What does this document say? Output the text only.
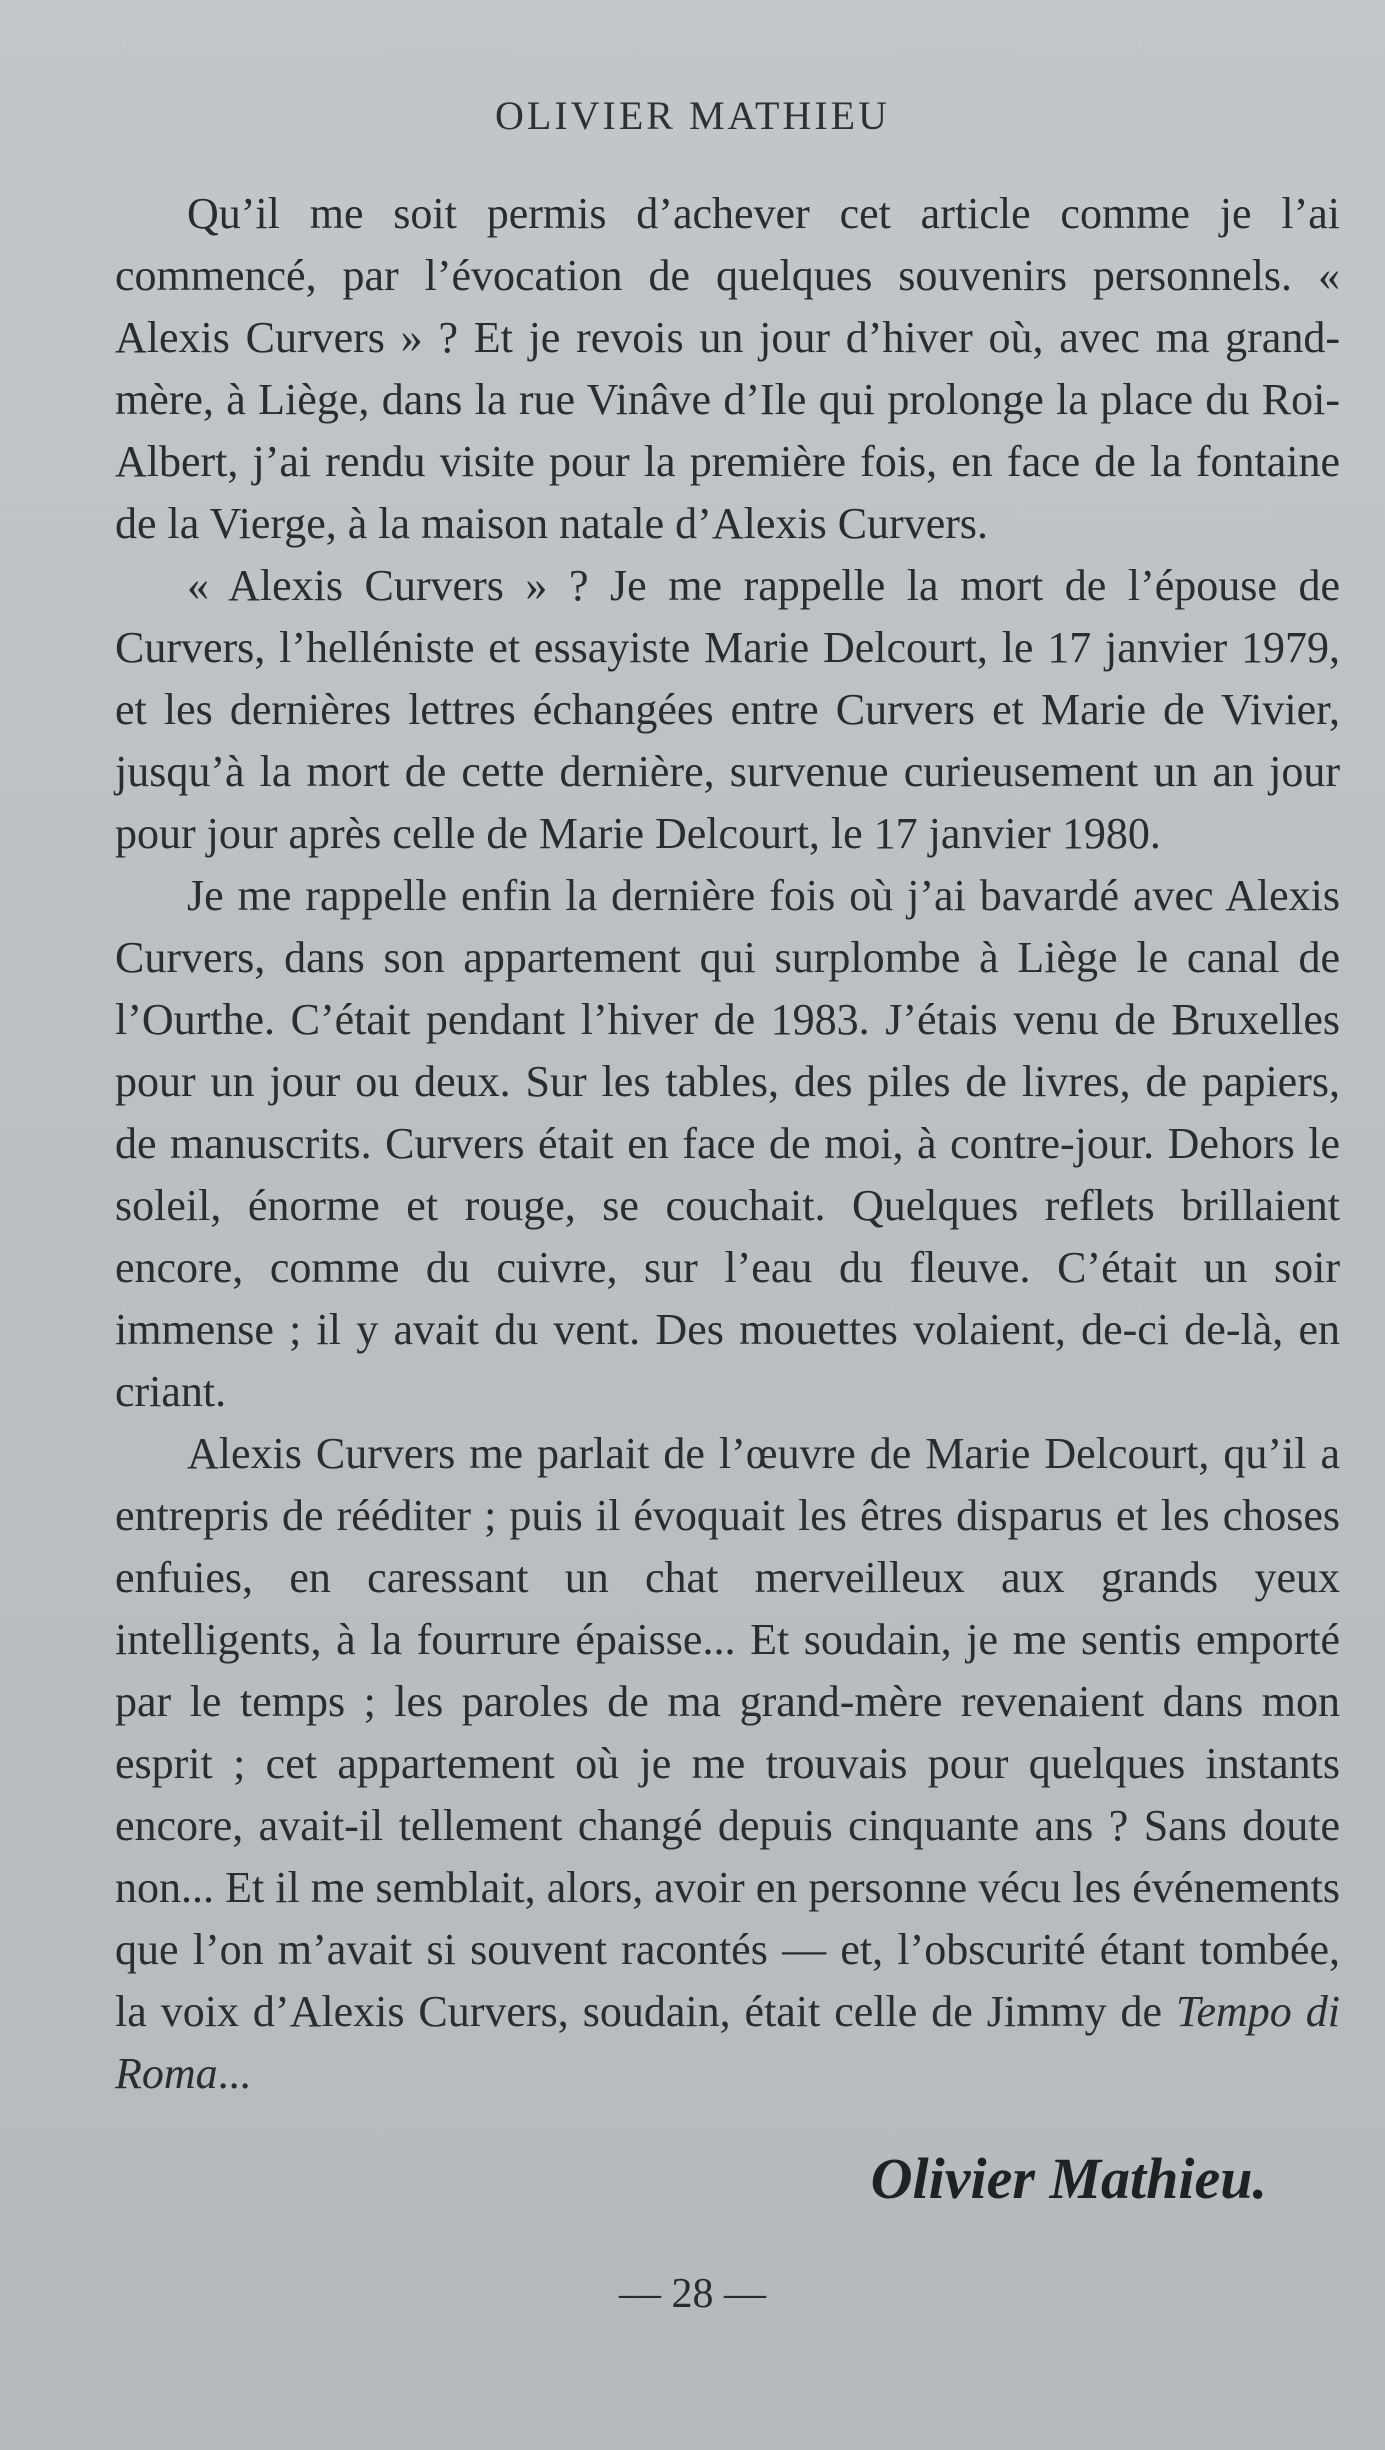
OLIVIER MATHIEU

Qu’il me soit permis d’achever cet article comme je l’ai commencé, par l’évocation de quelques souvenirs personnels. « Alexis Curvers » ? Et je revois un jour d’hiver où, avec ma grand-mère, à Liège, dans la rue Vinâve d’Ile qui prolonge la place du Roi-Albert, j’ai rendu visite pour la première fois, en face de la fontaine de la Vierge, à la maison natale d’Alexis Curvers.

« Alexis Curvers » ? Je me rappelle la mort de l’épouse de Curvers, l’helléniste et essayiste Marie Delcourt, le 17 janvier 1979, et les dernières lettres échangées entre Curvers et Marie de Vivier, jusqu’à la mort de cette dernière, survenue curieusement un an jour pour jour après celle de Marie Delcourt, le 17 janvier 1980.

Je me rappelle enfin la dernière fois où j’ai bavardé avec Alexis Curvers, dans son appartement qui surplombe à Liège le canal de l’Ourthe. C’était pendant l’hiver de 1983. J’étais venu de Bruxelles pour un jour ou deux. Sur les tables, des piles de livres, de papiers, de manuscrits. Curvers était en face de moi, à contre-jour. Dehors le soleil, énorme et rouge, se couchait. Quelques reflets brillaient encore, comme du cuivre, sur l’eau du fleuve. C’était un soir immense ; il y avait du vent. Des mouettes volaient, de-ci de-là, en criant.

Alexis Curvers me parlait de l’œuvre de Marie Delcourt, qu’il a entrepris de rééditer ; puis il évoquait les êtres disparus et les choses enfuies, en caressant un chat merveilleux aux grands yeux intelligents, à la fourrure épaisse... Et soudain, je me sentis emporté par le temps ; les paroles de ma grand-mère revenaient dans mon esprit ; cet appartement où je me trouvais pour quelques instants encore, avait-il tellement changé depuis cinquante ans ? Sans doute non... Et il me semblait, alors, avoir en personne vécu les événements que l’on m’avait si souvent racontés — et, l’obscurité étant tombée, la voix d’Alexis Curvers, soudain, était celle de Jimmy de Tempo di Roma...

Olivier Mathieu.
— 28 —
